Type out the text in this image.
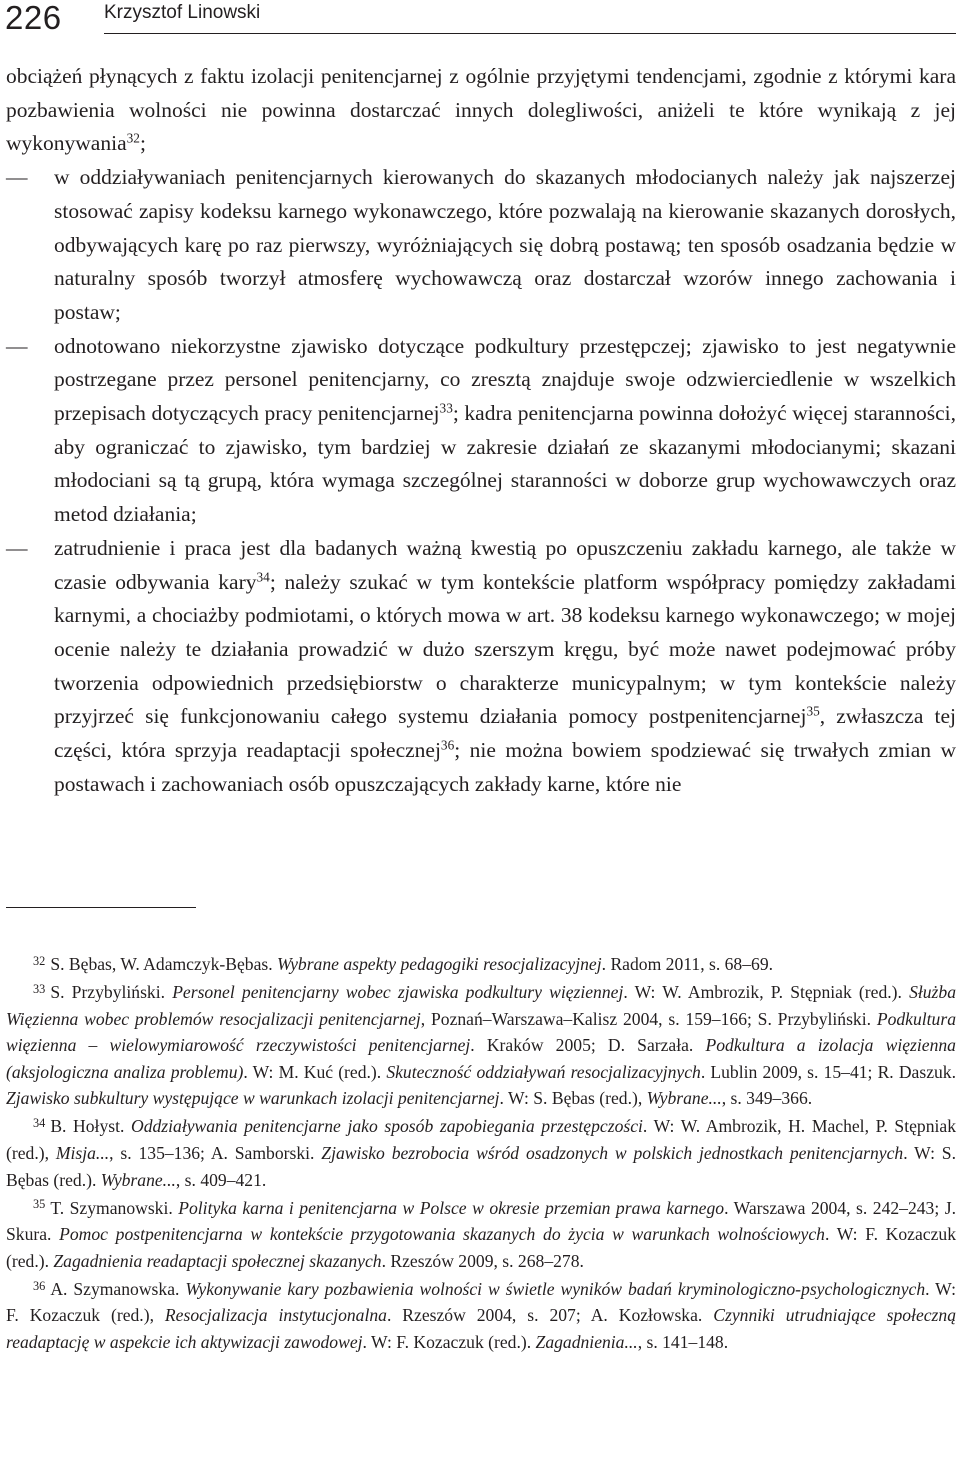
226 Krzysztof Linowski

obciążeń płynących z faktu izolacji penitencjarnej z ogólnie przyjętymi tendencjami, zgodnie z którymi kara pozbawienia wolności nie powinna dostarczać innych dolegliwości, aniżeli te które wynikają z jej wykonywania$^{32}$;

— w oddziaływaniach penitencjarnych kierowanych do skazanych młodocianych należy jak najszerzej stosować zapisy kodeksu karnego wykonawczego, które pozwalają na kierowanie skazanych dorosłych, odbywających karę po raz pierwszy, wyróżniających się dobrą postawą; ten sposób osadzania będzie w naturalny sposób tworzył atmosferę wychowawczą oraz dostarczał wzorów innego zachowania i postaw;

— odnotowano niekorzystne zjawisko dotyczące podkultury przestępczej; zjawisko to jest negatywnie postrzegane przez personel penitencjarny, co zresztą znajduje swoje odzwierciedlenie w wszelkich przepisach dotyczących pracy penitencjarnej$^{33}$; kadra penitencjarna powinna dołożyć więcej staranności, aby ograniczać to zjawisko, tym bardziej w zakresie działań ze skazanymi młodocianymi; skazani młodociani są tą grupą, która wymaga szczególnej staranności w doborze grup wychowawczych oraz metod działania;

— zatrudnienie i praca jest dla badanych ważną kwestią po opuszczeniu zakładu karnego, ale także w czasie odbywania kary$^{34}$; należy szukać w tym kontekście platform współpracy pomiędzy zakładami karnymi, a chociażby podmiotami, o których mowa w art. 38 kodeksu karnego wykonawczego; w mojej ocenie należy te działania prowadzić w dużo szerszym kręgu, być może nawet podejmować próby tworzenia odpowiednich przedsiębiorstw o charakterze municypalnym; w tym kontekście należy przyjrzeć się funkcjonowaniu całego systemu działania pomocy postpenitencjarnej$^{35}$, zwłaszcza tej części, która sprzyja readaptacji społecznej$^{36}$; nie można bowiem spodziewać się trwałych zmian w postawach i zachowaniach osób opuszczających zakłady karne, które nie

$^{32}$ S. Bębas, W. Adamczyk-Bębas. Wybrane aspekty pedagogiki resocjalizacyjnej. Radom 2011, s. 68–69.

$^{33}$ S. Przybyliński. Personel penitencjarny wobec zjawiska podkultury więziennej. W: W. Ambrozik, P. Stępniak (red.). Służba Więzienna wobec problemów resocjalizacji penitencjarnej, Poznań–Warszawa–Kalisz 2004, s. 159–166; S. Przybyliński. Podkultura więzienna – wielowymiarowość rzeczywistości penitencjarnej. Kraków 2005; D. Sarzała. Podkultura a izolacja więzienna (aksjologiczna analiza problemu). W: M. Kuć (red.). Skuteczność oddziaływań resocjalizacyjnych. Lublin 2009, s. 15–41; R. Daszuk. Zjawisko subkultury występujące w warunkach izolacji penitencjarnej. W: S. Bębas (red.), Wybrane..., s. 349–366.

$^{34}$ B. Hołyst. Oddziaływania penitencjarne jako sposób zapobiegania przestępczości. W: W. Ambrozik, H. Machel, P. Stępniak (red.), Misja..., s. 135–136; A. Samborski. Zjawisko bezrobocia wśród osadzonych w polskich jednostkach penitencjarnych. W: S. Bębas (red.). Wybrane..., s. 409–421.

$^{35}$ T. Szymanowski. Polityka karna i penitencjarna w Polsce w okresie przemian prawa karnego. Warszawa 2004, s. 242–243; J. Skura. Pomoc postpenitencjarna w kontekście przygotowania skazanych do życia w warunkach wolnościowych. W: F. Kozaczuk (red.). Zagadnienia readaptacji społecznej skazanych. Rzeszów 2009, s. 268–278.

$^{36}$ A. Szymanowska. Wykonywanie kary pozbawienia wolności w świetle wyników badań kryminologiczno-psychologicznych. W: F. Kozaczuk (red.), Resocjalizacja instytucjonalna. Rzeszów 2004, s. 207; A. Kozłowska. Czynniki utrudniające społeczną readaptację w aspekcie ich aktywizacji zawodowej. W: F. Kozaczuk (red.). Zagadnienia..., s. 141–148.
